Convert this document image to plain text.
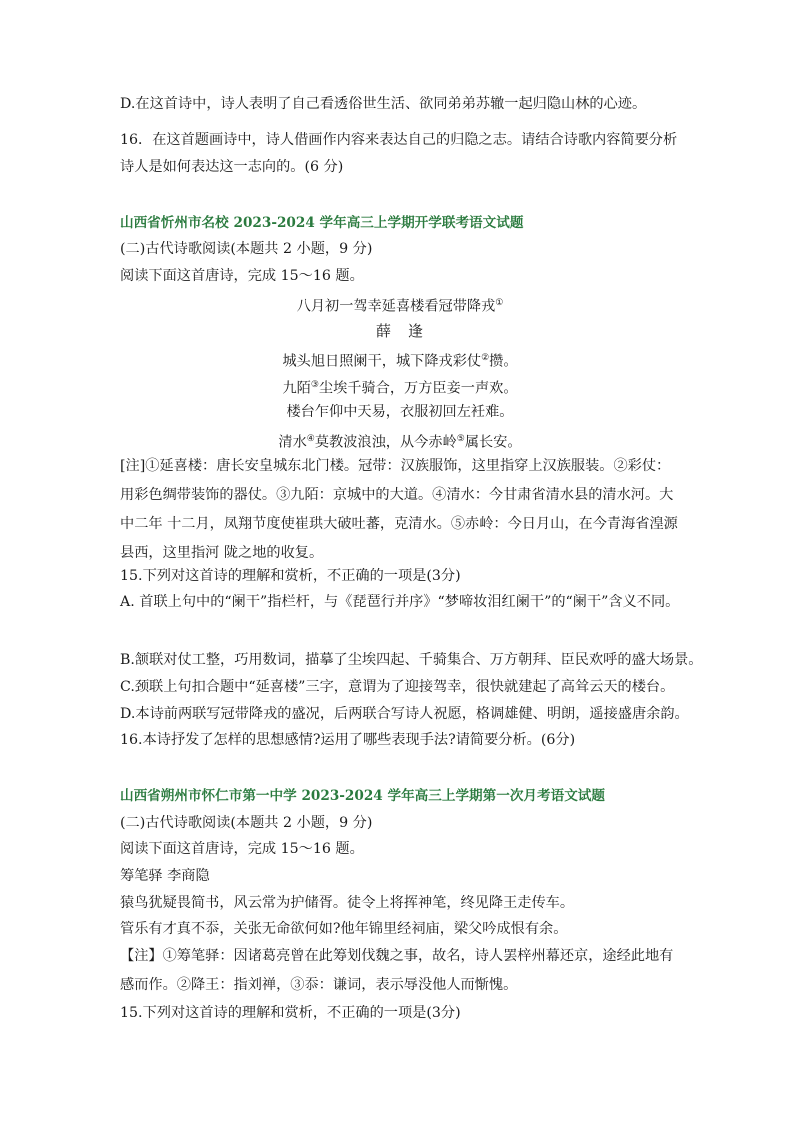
D.在这首诗中，诗人表明了自己看透俗世生活、欲同弟弟苏辙一起归隐山林的心迹。
16．在这首题画诗中，诗人借画作内容来表达自己的归隐之志。请结合诗歌内容简要分析
诗人是如何表达这一志向的。(6 分)
山西省忻州市名校 2023-2024 学年高三上学期开学联考语文试题
(二)古代诗歌阅读(本题共 2 小题，9 分)
阅读下面这首唐诗，完成 15～16 题。
八月初一驾幸延喜楼看冠带降戎①
薛　逢
城头旭日照阑干，城下降戎彩仗②攒。
九陌③尘埃千骑合，万方臣妾一声欢。
楼台乍仰中天易，衣服初回左衽难。
清水④莫教波浪浊，从今赤岭⑤属长安。
[注]①延喜楼：唐长安皇城东北门楼。冠带：汉族服饰，这里指穿上汉族服装。②彩仗：用彩色绸带装饰的器仗。③九陌：京城中的大道。④清水：今甘肃省清水县的清水河。大中二年 十二月，凤翔节度使崔珙大破吐蕃，克清水。⑤赤岭：今日月山，在今青海省湟源县西，这里指河 陇之地的收复。
15.下列对这首诗的理解和赏析，不正确的一项是(3分)
A. 首联上句中的“阑干”指栏杆，与《琵琶行并序》“梦啼妆泪红阑干”的“阑干”含义不同。
B.颔联对仗工整，巧用数词，描摹了尘埃四起、千骑集合、万方朝拜、臣民欢呼的盛大场景。
C.颈联上句扣合题中“延喜楼”三字，意谓为了迎接驾幸，很快就建起了高耸云天的楼台。
D.本诗前两联写冠带降戎的盛况，后两联合写诗人祝愿，格调雄健、明朗，遥接盛唐余韵。
16.本诗抒发了怎样的思想感情?运用了哪些表现手法?请简要分析。(6分)
山西省朔州市怀仁市第一中学 2023-2024 学年高三上学期第一次月考语文试题
(二)古代诗歌阅读(本题共 2 小题，9 分)
阅读下面这首唐诗，完成 15～16 题。
筹笔驿 李商隐
猿鸟犹疑畏简书，风云常为护储胥。徒令上将挥神笔，终见降王走传车。
管乐有才真不忝，关张无命欲何如?他年锦里经祠庙，梁父吟成恨有余。
【注】①筹笔驿：因诸葛亮曾在此筹划伐魏之事，故名，诗人罢梓州幕还京，途经此地有感而作。②降王：指刘禅，③忝：谦词，表示辱没他人而惭愧。
15.下列对这首诗的理解和赏析，不正确的一项是(3分)
